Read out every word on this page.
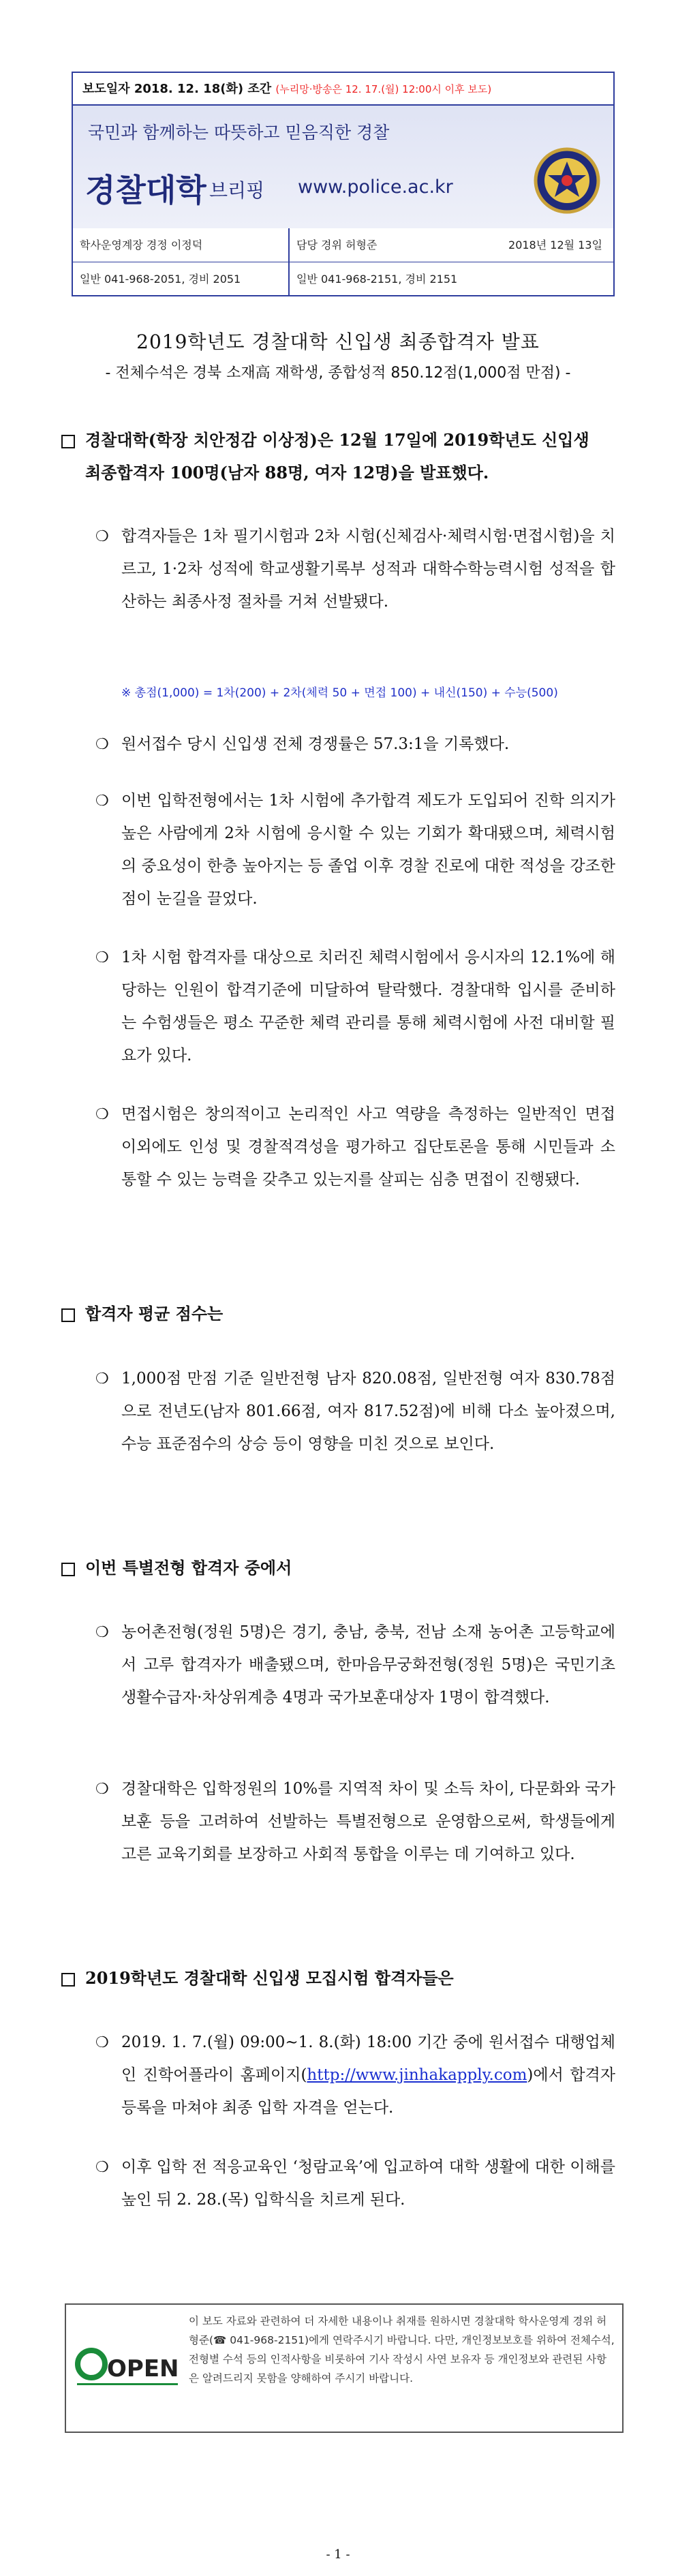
보도일자 2018. 12. 18(화) 조간 (누리망·방송은 12. 17.(월) 12:00시 이후 보도)
국민과 함께하는 따뜻하고 믿음직한 경찰
경찰대학 브리핑 www.police.ac.kr
학사운영계장 경정 이정덕
일반 041-968-2051, 경비 2051
담당 경위 허형준	2018년 12월 13일
일반 041-968-2151, 경비 2151
2019학년도 경찰대학 신입생 최종합격자 발표
- 전체수석은 경북 소재高 재학생, 종합성적 850.12점(1,000점 만점) -
경찰대학(학장 치안정감 이상정)은 12월 17일에 2019학년도 신입생 최종합격자 100명(남자 88명, 여자 12명)을 발표했다.
❍ 합격자들은 1차 필기시험과 2차 시험(신체검사·체력시험·면접시험)을 치르고, 1·2차 성적에 학교생활기록부 성적과 대학수학능력시험 성적을 합산하는 최종사정 절차를 거쳐 선발됐다.
※ 총점(1,000) = 1차(200) + 2차(체력 50 + 면접 100) + 내신(150) + 수능(500)
❍ 원서접수 당시 신입생 전체 경쟁률은 57.3:1을 기록했다.
❍ 이번 입학전형에서는 1차 시험에 추가합격 제도가 도입되어 진학 의지가 높은 사람에게 2차 시험에 응시할 수 있는 기회가 확대됐으며, 체력시험의 중요성이 한층 높아지는 등 졸업 이후 경찰 진로에 대한 적성을 강조한 점이 눈길을 끌었다.
❍ 1차 시험 합격자를 대상으로 치러진 체력시험에서 응시자의 12.1%에 해당하는 인원이 합격기준에 미달하여 탈락했다. 경찰대학 입시를 준비하는 수험생들은 평소 꾸준한 체력 관리를 통해 체력시험에 사전 대비할 필요가 있다.
❍ 면접시험은 창의적이고 논리적인 사고 역량을 측정하는 일반적인 면접 이외에도 인성 및 경찰적격성을 평가하고 집단토론을 통해 시민들과 소통할 수 있는 능력을 갖추고 있는지를 살피는 심층 면접이 진행됐다.
합격자 평균 점수는
❍ 1,000점 만점 기준 일반전형 남자 820.08점, 일반전형 여자 830.78점으로 전년도(남자 801.66점, 여자 817.52점)에 비해 다소 높아졌으며, 수능 표준점수의 상승 등이 영향을 미친 것으로 보인다.
이번 특별전형 합격자 중에서
❍ 농어촌전형(정원 5명)은 경기, 충남, 충북, 전남 소재 농어촌 고등학교에서 고루 합격자가 배출됐으며, 한마음무궁화전형(정원 5명)은 국민기초생활수급자·차상위계층 4명과 국가보훈대상자 1명이 합격했다.
❍ 경찰대학은 입학정원의 10%를 지역적 차이 및 소득 차이, 다문화와 국가보훈 등을 고려하여 선발하는 특별전형으로 운영함으로써, 학생들에게 고른 교육기회를 보장하고 사회적 통합을 이루는 데 기여하고 있다.
2019학년도 경찰대학 신입생 모집시험 합격자들은
❍ 2019. 1. 7.(월) 09:00∼1. 8.(화) 18:00 기간 중에 원서접수 대행업체인 진학어플라이 홈페이지(http://www.jinhakapply.com)에서 합격자 등록을 마쳐야 최종 입학 자격을 얻는다.
❍ 이후 입학 전 적응교육인 ‘청람교육’에 입교하여 대학 생활에 대한 이해를 높인 뒤 2. 28.(목) 입학식을 치르게 된다.
OPEN
이 보도 자료와 관련하여 더 자세한 내용이나 취재를 원하시면 경찰대학 학사운영계 경위 허형준(☎ 041-968-2151)에게 연락주시기 바랍니다. 다만, 개인정보보호를 위하여 전체수석, 전형별 수석 등의 인적사항을 비롯하여 기사 작성시 사연 보유자 등 개인정보와 관련된 사항은 알려드리지 못함을 양해하여 주시기 바랍니다.
- 1 -
